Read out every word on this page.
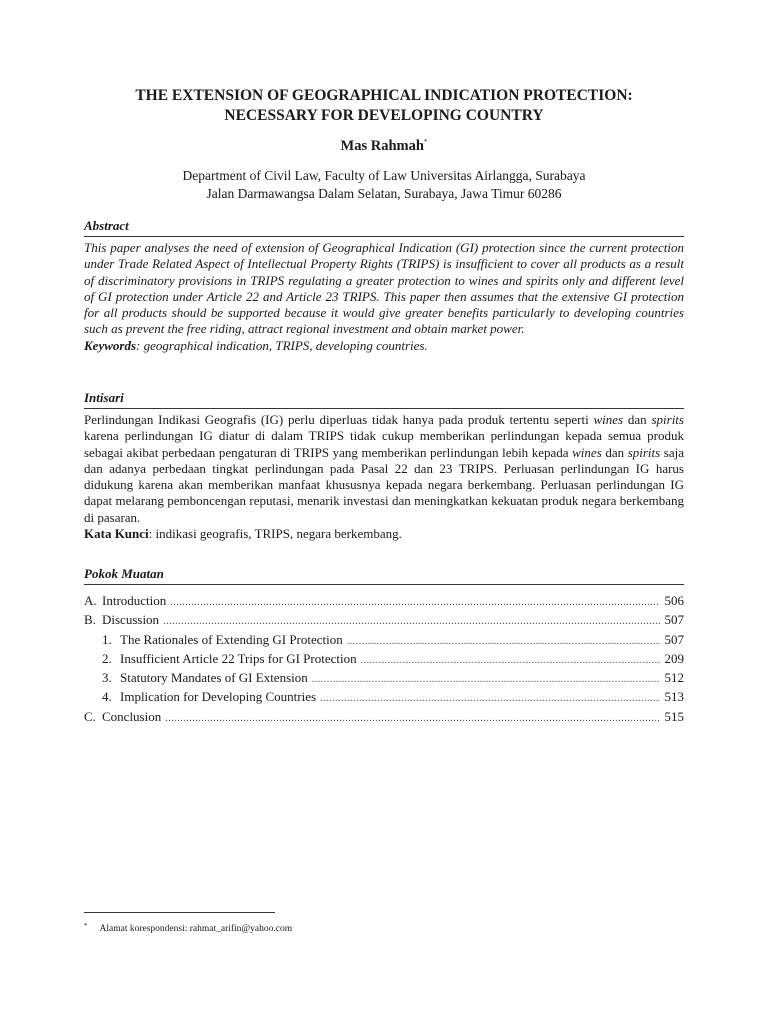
THE EXTENSION OF GEOGRAPHICAL INDICATION PROTECTION:
NECESSARY FOR DEVELOPING COUNTRY
Mas Rahmah*
Department of Civil Law, Faculty of Law Universitas Airlangga, Surabaya
Jalan Darmawangsa Dalam Selatan, Surabaya, Jawa Timur 60286
Abstract
This paper analyses the need of extension of Geographical Indication (GI) protection since the current protection under Trade Related Aspect of Intellectual Property Rights (TRIPS) is insufficient to cover all products as a result of discriminatory provisions in TRIPS regulating a greater protection to wines and spirits only and different level of GI protection under Article 22 and Article 23 TRIPS. This paper then assumes that the extensive GI protection for all products should be supported because it would give greater benefits particularly to developing countries such as prevent the free riding, attract regional investment and obtain market power.
Keywords: geographical indication, TRIPS, developing countries.
Intisari
Perlindungan Indikasi Geografis (IG) perlu diperluas tidak hanya pada produk tertentu seperti wines dan spirits karena perlindungan IG diatur di dalam TRIPS tidak cukup memberikan perlindungan kepada semua produk sebagai akibat perbedaan pengaturan di TRIPS yang memberikan perlindungan lebih kepada wines dan spirits saja dan adanya perbedaan tingkat perlindungan pada Pasal 22 dan 23 TRIPS. Perluasan perlindungan IG harus didukung karena akan memberikan manfaat khususnya kepada negara berkembang. Perluasan perlindungan IG dapat melarang pemboncengan reputasi, menarik investasi dan meningkatkan kekuatan produk negara berkembang di pasaran.
Kata Kunci: indikasi geografis, TRIPS, negara berkembang.
Pokok Muatan
A. Introduction .....	506
B. Discussion .....	507
1. The Rationales of Extending GI Protection .....	507
2. Insufficient Article 22 Trips for GI Protection .....	209
3. Statutory Mandates of GI Extension .....	512
4. Implication for Developing Countries .....	513
C. Conclusion .....	515
* Alamat korespondensi: rahmat_arifin@yahoo.com
